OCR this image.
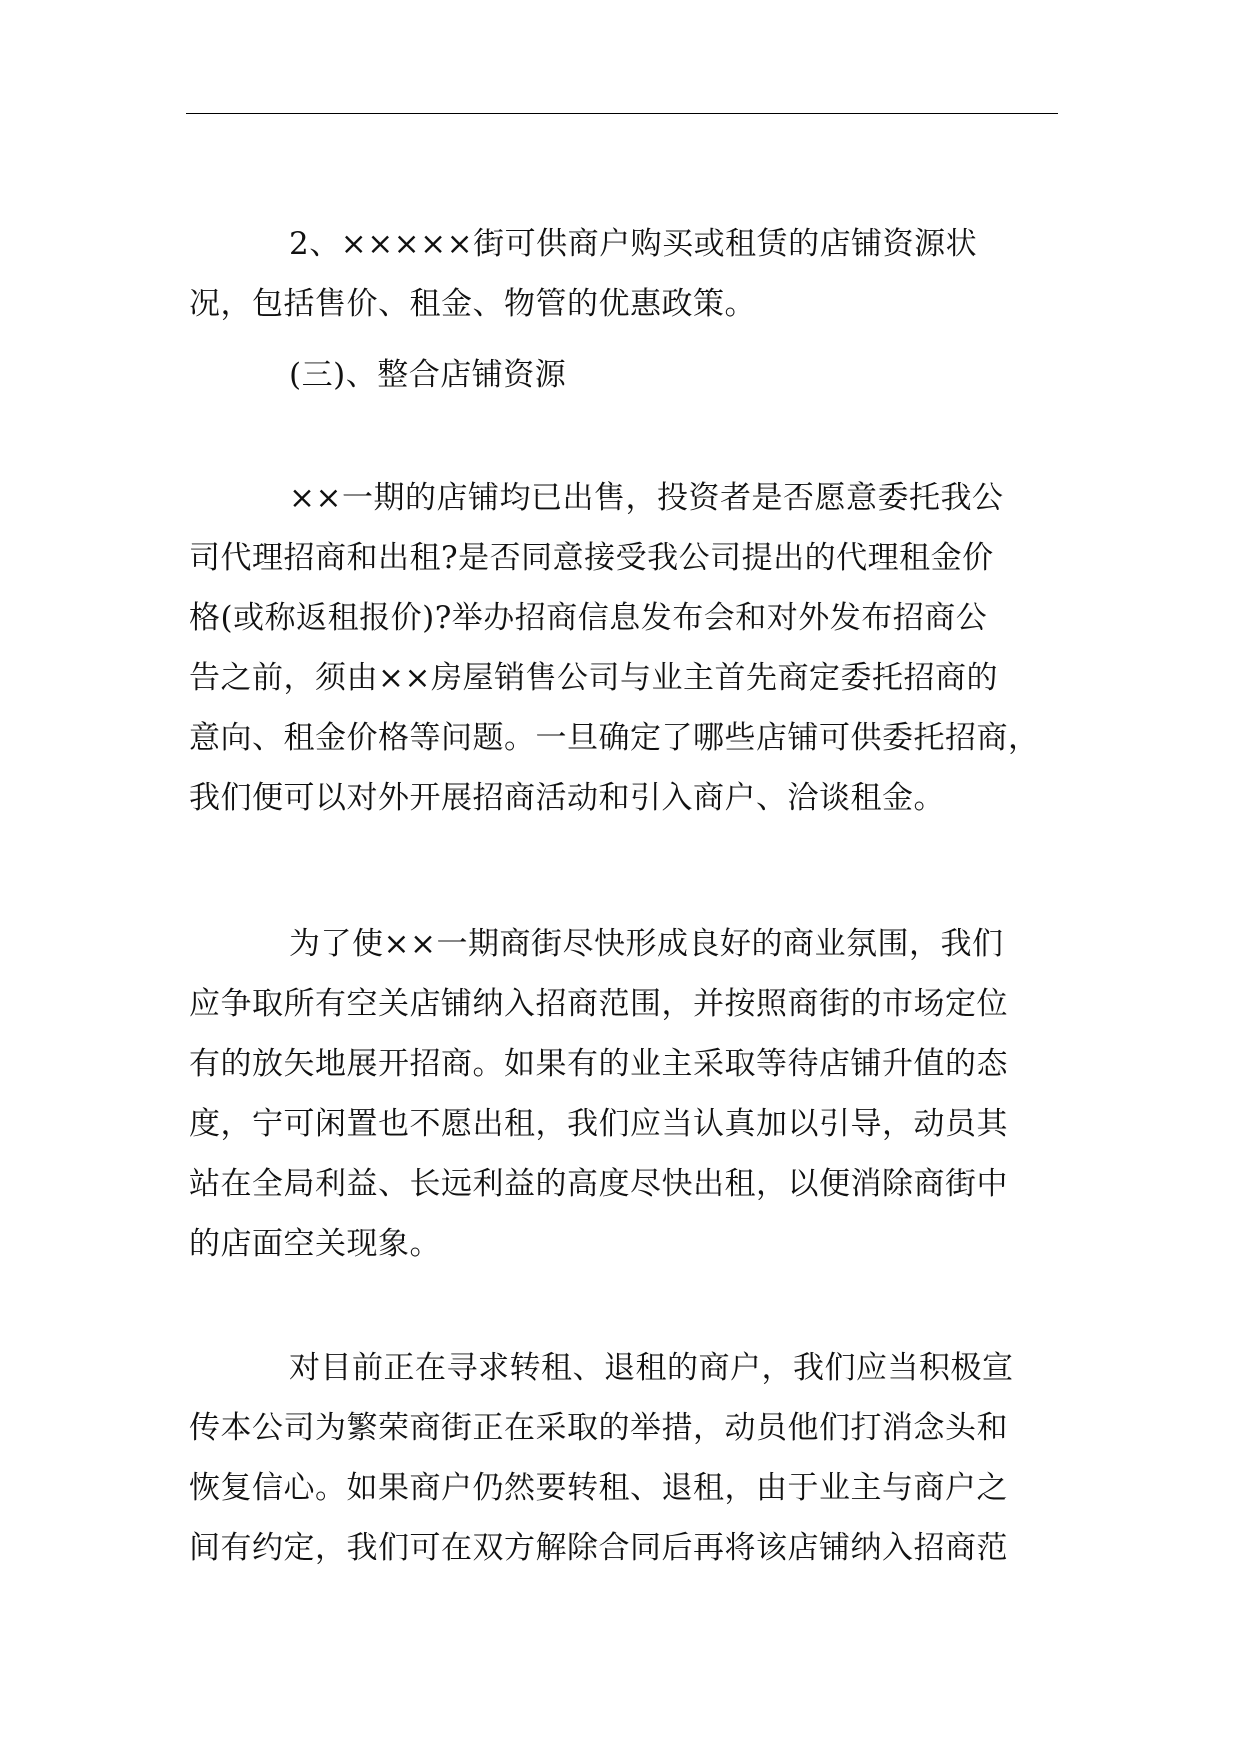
2、×××××街可供商户购买或租赁的店铺资源状
况，包括售价、租金、物管的优惠政策。
(三)、整合店铺资源
××一期的店铺均已出售，投资者是否愿意委托我公
司代理招商和出租?是否同意接受我公司提出的代理租金价
格(或称返租报价)?举办招商信息发布会和对外发布招商公
告之前，须由××房屋销售公司与业主首先商定委托招商的
意向、租金价格等问题。一旦确定了哪些店铺可供委托招商，
我们便可以对外开展招商活动和引入商户、洽谈租金。
为了使××一期商街尽快形成良好的商业氛围，我们
应争取所有空关店铺纳入招商范围，并按照商街的市场定位
有的放矢地展开招商。如果有的业主采取等待店铺升值的态
度，宁可闲置也不愿出租，我们应当认真加以引导，动员其
站在全局利益、长远利益的高度尽快出租，以便消除商街中
的店面空关现象。
对目前正在寻求转租、退租的商户，我们应当积极宣
传本公司为繁荣商街正在采取的举措，动员他们打消念头和
恢复信心。如果商户仍然要转租、退租，由于业主与商户之
间有约定，我们可在双方解除合同后再将该店铺纳入招商范
